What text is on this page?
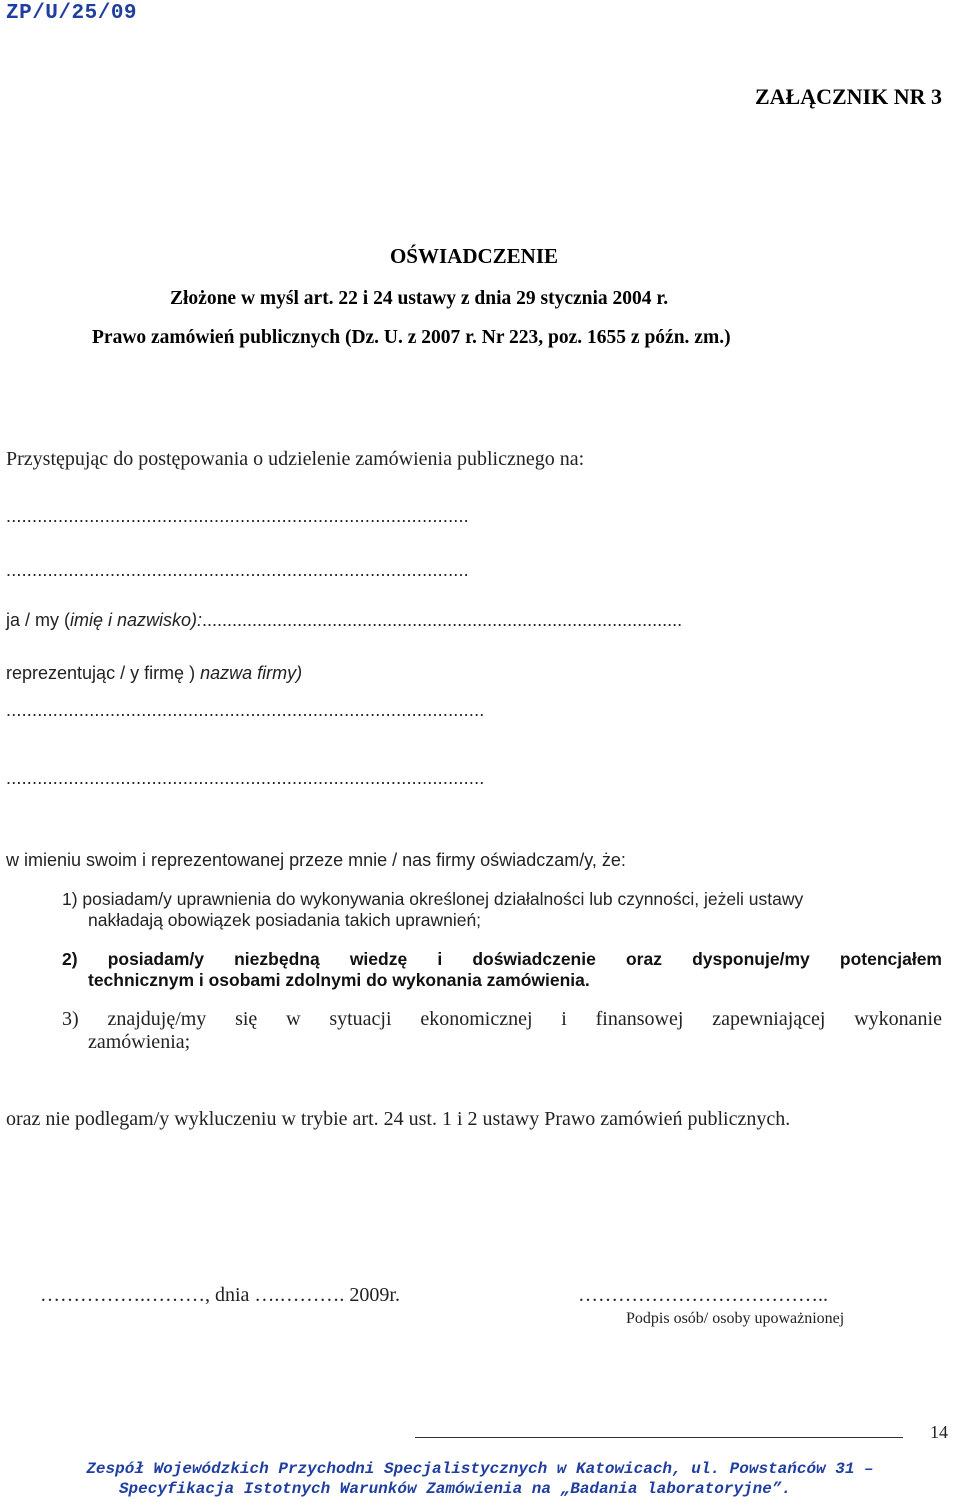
ZP/U/25/09
ZAŁĄCZNIK NR 3
OŚWIADCZENIE
Złożone w myśl art. 22 i 24 ustawy z dnia 29 stycznia 2004 r.
Prawo zamówień publicznych (Dz. U. z 2007 r. Nr 223, poz. 1655 z późn. zm.)
Przystępując do postępowania o udzielenie zamówienia publicznego na:
.........................................................................................
.........................................................................................
ja / my (imię i nazwisko):................................................................................................
reprezentując / y firmę ) nazwa firmy)
............................................................................................
............................................................................................
w imieniu swoim i reprezentowanej przeze mnie / nas firmy oświadczam/y, że:
1) posiadam/y uprawnienia do wykonywania określonej działalności lub czynności, jeżeli ustawy
nakładają obowiązek posiadania takich uprawnień;
2) posiadam/y niezbędną wiedzę i doświadczenie oraz dysponuje/my potencjałem
technicznym i osobami zdolnymi do wykonania zamówienia.
3) znajduję/my się w sytuacji ekonomicznej i finansowej zapewniającej wykonanie
zamówienia;
oraz nie podlegam/y wykluczeniu w trybie art. 24 ust. 1 i 2 ustawy Prawo zamówień publicznych.
…………….………, dnia ….………. 2009r.	………………………………..
Podpis osób/ osoby upoważnionej
14
Zespół Wojewódzkich Przychodni Specjalistycznych w Katowicach, ul. Powstańców 31 –
Specyfikacja Istotnych Warunków Zamówienia na „Badania laboratoryjne”.
